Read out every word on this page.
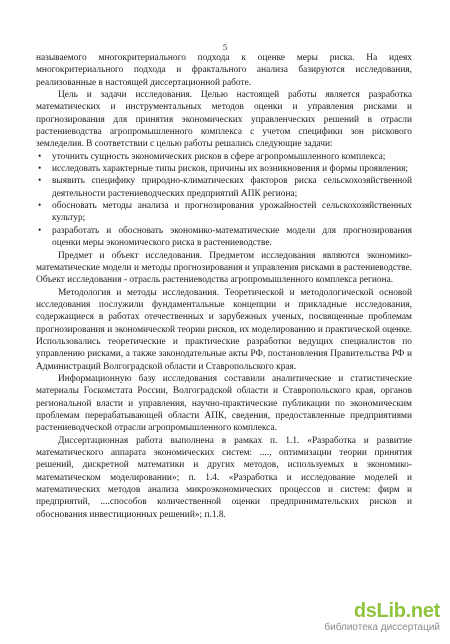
5

называемого многокритериального подхода к оценке меры риска. На идеях многокритериального подхода и фрактального анализа базируются исследования, реализованные в настоящей диссертационной работе.

Цель и задачи исследования. Целью настоящей работы является разработка математических и инструментальных методов оценки и управления рисками и прогнозирования для принятия экономических управленческих решений в отрасли растениеводства агропромышленного комплекса с учетом специфики зон рискового земледелия. В соответствии с целью работы решались следующие задачи:

• уточнить сущность экономических рисков в сфере агропромышленного комплекса;
• исследовать характерные типы рисков, причины их возникновения и формы проявления;
• выявить специфику природно-климатических факторов риска сельскохозяйственной деятельности растениеводческих предприятий АПК региона;
• обосновать методы анализа и прогнозирования урожайностей сельскохозяйственных культур;
• разработать и обосновать экономико-математические модели для прогнозирования оценки меры экономического риска в растениеводстве.

Предмет и объект исследования. Предметом исследования являются экономико-математические модели и методы прогнозирования и управления рисками в растениеводстве. Объект исследования - отрасль растениеводства агропромышленного комплекса региона.

Методология и методы исследования. Теоретической и методологической основой исследования послужили фундаментальные концепции и прикладные исследования, содержащиеся в работах отечественных и зарубежных ученых, посвященные проблемам прогнозирования и экономической теории рисков, их моделированию и практической оценке. Использовались теоретические и практические разработки ведущих специалистов по управлению рисками, а также законодательные акты РФ, постановления Правительства РФ и Администраций Волгоградской области и Ставропольского края.

Информационную базу исследования составили аналитические и статистические материалы Госкомстата России, Волгоградской области и Ставропольского края, органов региональной власти и управления, научно-практические публикации по экономическим проблемам перерабатывающей области АПК, сведения, предоставленные предприятиями растениеводческой отрасли агропромышленного комплекса.

Диссертационная работа выполнена в рамках п. 1.1. «Разработка и развитие математического аппарата экономических систем: ...., оптимизации теории принятия решений, дискретной математики и других методов, используемых в экономико-математическом моделировании»; п. 1.4. «Разработка и исследование моделей и математических методов анализа микроэкономических процессов и систем: фирм и предприятий, ....способов количественной оценки предпринимательских рисков и обоснования инвестиционных решений»; п.1.8.

dsLib.net
библиотека диссертаций
